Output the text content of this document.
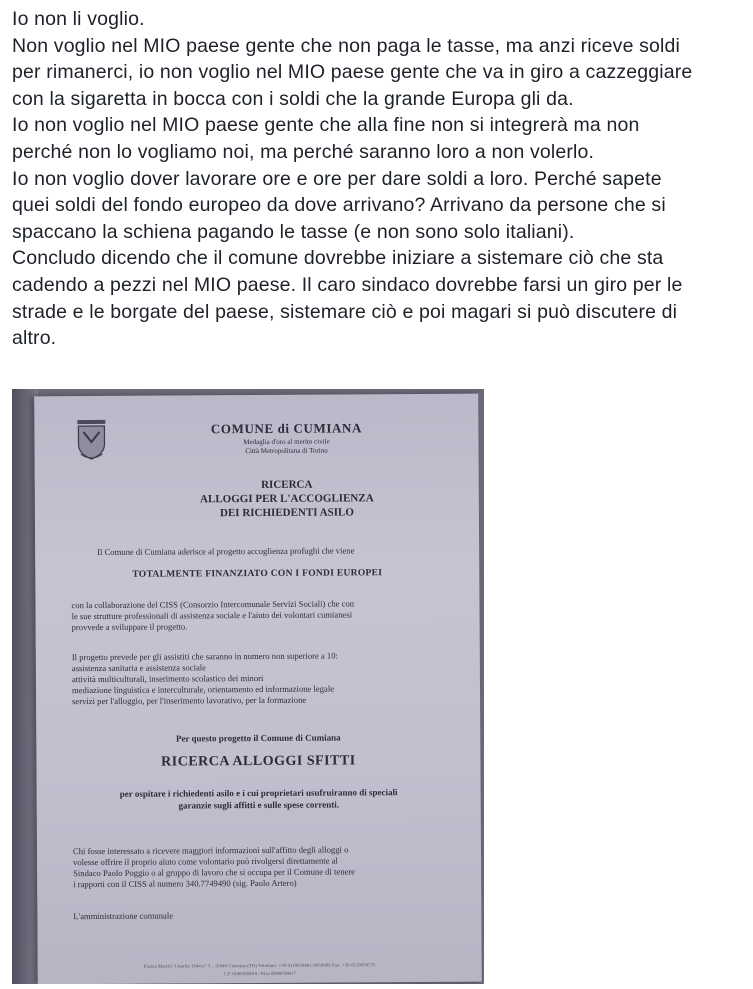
Io non li voglio.

Non voglio nel MIO paese gente che non paga le tasse, ma anzi riceve soldi

per rimanerci, io non voglio nel MIO paese gente che va in giro a cazzeggiare

con la sigaretta in bocca con i soldi che la grande Europa gli da.

Io non voglio nel MIO paese gente che alla fine non si integrerà ma non

perché non lo vogliamo noi, ma perché saranno loro a non volerlo.

Io non voglio dover lavorare ore e ore per dare soldi a loro. Perché sapete

quei soldi del fondo europeo da dove arrivano? Arrivano da persone che si

spaccano la schiena pagando le tasse (e non sono solo italiani).

Concludo dicendo che il comune dovrebbe iniziare a sistemare ciò che sta

cadendo a pezzi nel MIO paese. Il caro sindaco dovrebbe farsi un giro per le

strade e le borgate del paese, sistemare ciò e poi magari si può discutere di

altro.

COMUNE di CUMIANA

Medaglia d'oro al merito civile

Città Metropolitana di Torino

RICERCA

ALLOGGI PER L'ACCOGLIENZA

DEI RICHIEDENTI ASILO

Il Comune di Cumiana aderisce al progetto accoglienza profughi che viene

TOTALMENTE FINANZIATO CON I FONDI EUROPEI

con la collaborazione del CISS (Consorzio Intercomunale Servizi Sociali) che con

le sue strutture professionali di assistenza sociale e l'aiuto dei volontari cumianesi

provvede a sviluppare il progetto.

Il progetto prevede per gli assistiti che saranno in numero non superiore a 10:

assistenza sanitaria e assistenza sociale

attività multiculturali, inserimento scolastico dei minori

mediazione linguistica e interculturale, orientamento ed informazione legale

servizi per l'alloggio, per l'inserimento lavorativo, per la formazione

Per questo progetto il Comune di Cumiana

RICERCA ALLOGGI SFITTI

per ospitare i richiedenti asilo e i cui proprietari usufruiranno di speciali

garanzie sugli affitti e sulle spese correnti.

Chi fosse interessato a ricevere maggiori informazioni sull'affitto degli alloggi o

volesse offrire il proprio aiuto come volontario può rivolgersi direttamente al

Sindaco Paolo Poggio o al gruppo di lavoro che si occupa per il Comune di tenere

i rapporti con il CISS al numero 340.7749490 (sig. Paolo Artero)

L'amministrazione comunale

Piazza Martiri 3 Aprile 1944 n° 5 - 10040 Cumiana (TO) Telefono: +39 0119059001-9059098 Fax: +39 0119059735

C.F. 01003030018 - P.Iva 05990780017
